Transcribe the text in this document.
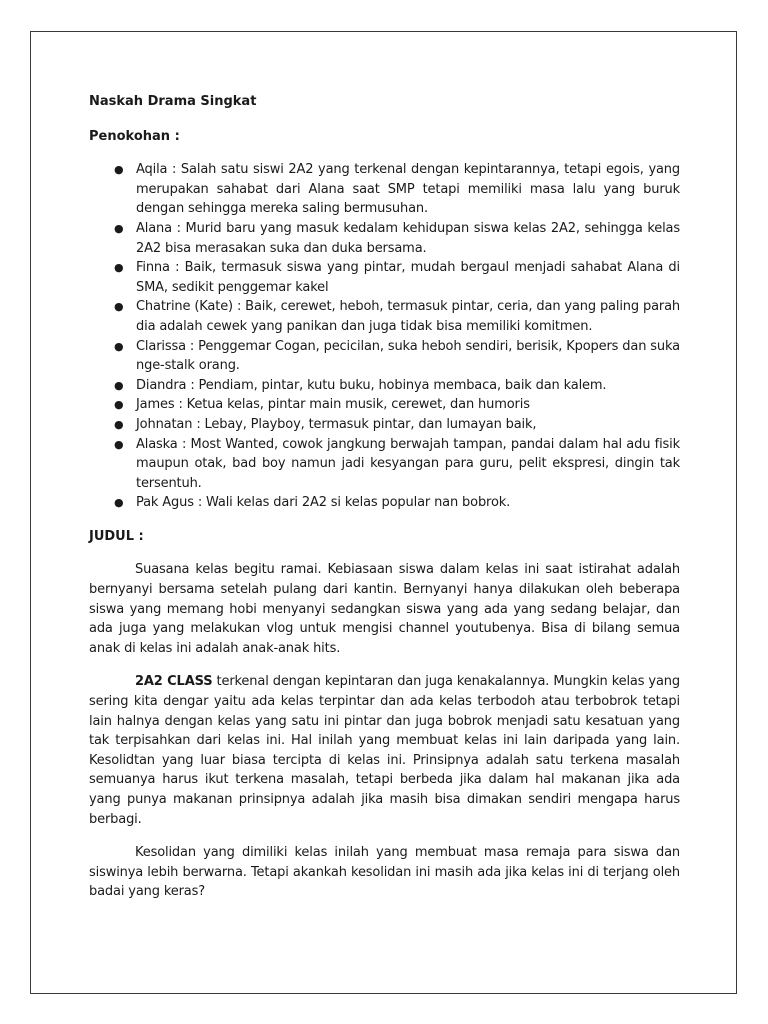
Naskah Drama Singkat

Penokohan :

● Aqila : Salah satu siswi 2A2 yang terkenal dengan kepintarannya, tetapi egois, yang merupakan sahabat dari Alana saat SMP tetapi memiliki masa lalu yang buruk dengan sehingga mereka saling bermusuhan.
● Alana : Murid baru yang masuk kedalam kehidupan siswa kelas 2A2, sehingga kelas 2A2 bisa merasakan suka dan duka bersama.
● Finna : Baik, termasuk siswa yang pintar, mudah bergaul menjadi sahabat Alana di SMA, sedikit penggemar kakel
● Chatrine (Kate) : Baik, cerewet, heboh, termasuk pintar, ceria, dan yang paling parah dia adalah cewek yang panikan dan juga tidak bisa memiliki komitmen.
● Clarissa : Penggemar Cogan, pecicilan, suka heboh sendiri, berisik, Kpopers dan suka nge-stalk orang.
● Diandra : Pendiam, pintar, kutu buku, hobinya membaca, baik dan kalem.
● James : Ketua kelas, pintar main musik, cerewet, dan humoris
● Johnatan : Lebay, Playboy, termasuk pintar, dan lumayan baik,
● Alaska : Most Wanted, cowok jangkung berwajah tampan, pandai dalam hal adu fisik maupun otak, bad boy namun jadi kesyangan para guru, pelit ekspresi, dingin tak tersentuh.
● Pak Agus : Wali kelas dari 2A2 si kelas popular nan bobrok.

JUDUL :

Suasana kelas begitu ramai. Kebiasaan siswa dalam kelas ini saat istirahat adalah bernyanyi bersama setelah pulang dari kantin. Bernyanyi hanya dilakukan oleh beberapa siswa yang memang hobi menyanyi sedangkan siswa yang ada yang sedang belajar, dan ada juga yang melakukan vlog untuk mengisi channel youtubenya. Bisa di bilang semua anak di kelas ini adalah anak-anak hits.

2A2 CLASS terkenal dengan kepintaran dan juga kenakalannya. Mungkin kelas yang sering kita dengar yaitu ada kelas terpintar dan ada kelas terbodoh atau terbobrok tetapi lain halnya dengan kelas yang satu ini pintar dan juga bobrok menjadi satu kesatuan yang tak terpisahkan dari kelas ini. Hal inilah yang membuat kelas ini lain daripada yang lain. Kesolidtan yang luar biasa tercipta di kelas ini. Prinsipnya adalah satu terkena masalah semuanya harus ikut terkena masalah, tetapi berbeda jika dalam hal makanan jika ada yang punya makanan prinsipnya adalah jika masih bisa dimakan sendiri mengapa harus berbagi.

Kesolidan yang dimiliki kelas inilah yang membuat masa remaja para siswa dan siswinya lebih berwarna. Tetapi akankah kesolidan ini masih ada jika kelas ini di terjang oleh badai yang keras?
